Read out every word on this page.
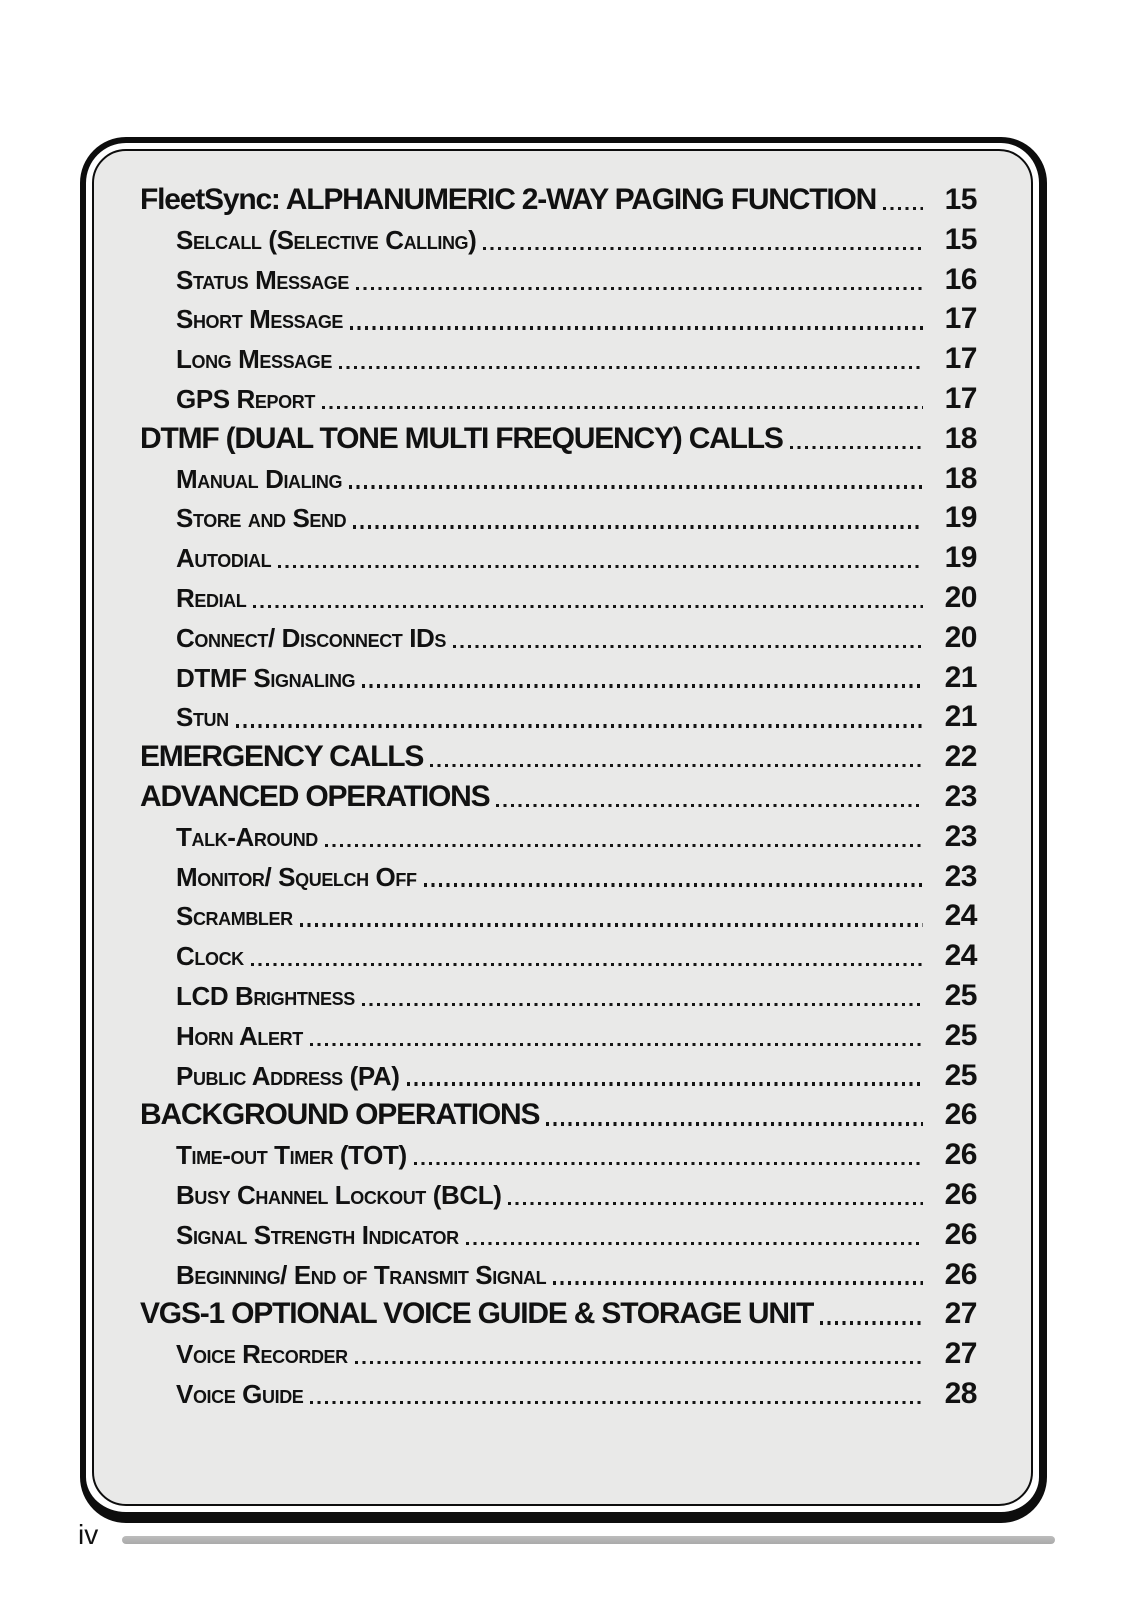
FleetSync: ALPHANUMERIC 2-WAY PAGING FUNCTION	15
Selcall (Selective Calling)	15
Status Message	16
Short Message	17
Long Message	17
GPS Report	17
DTMF (DUAL TONE MULTI FREQUENCY) CALLS	18
Manual Dialing	18
Store and Send	19
Autodial	19
Redial	20
Connect/ Disconnect IDs	20
DTMF Signaling	21
Stun	21
EMERGENCY CALLS	22
ADVANCED OPERATIONS	23
Talk-Around	23
Monitor/ Squelch Off	23
Scrambler	24
Clock	24
LCD Brightness	25
Horn Alert	25
Public Address (PA)	25
BACKGROUND OPERATIONS	26
Time-out Timer (TOT)	26
Busy Channel Lockout (BCL)	26
Signal Strength Indicator	26
Beginning/ End of Transmit Signal	26
VGS-1 OPTIONAL VOICE GUIDE & STORAGE UNIT	27
Voice Recorder	27
Voice Guide	28
iv
